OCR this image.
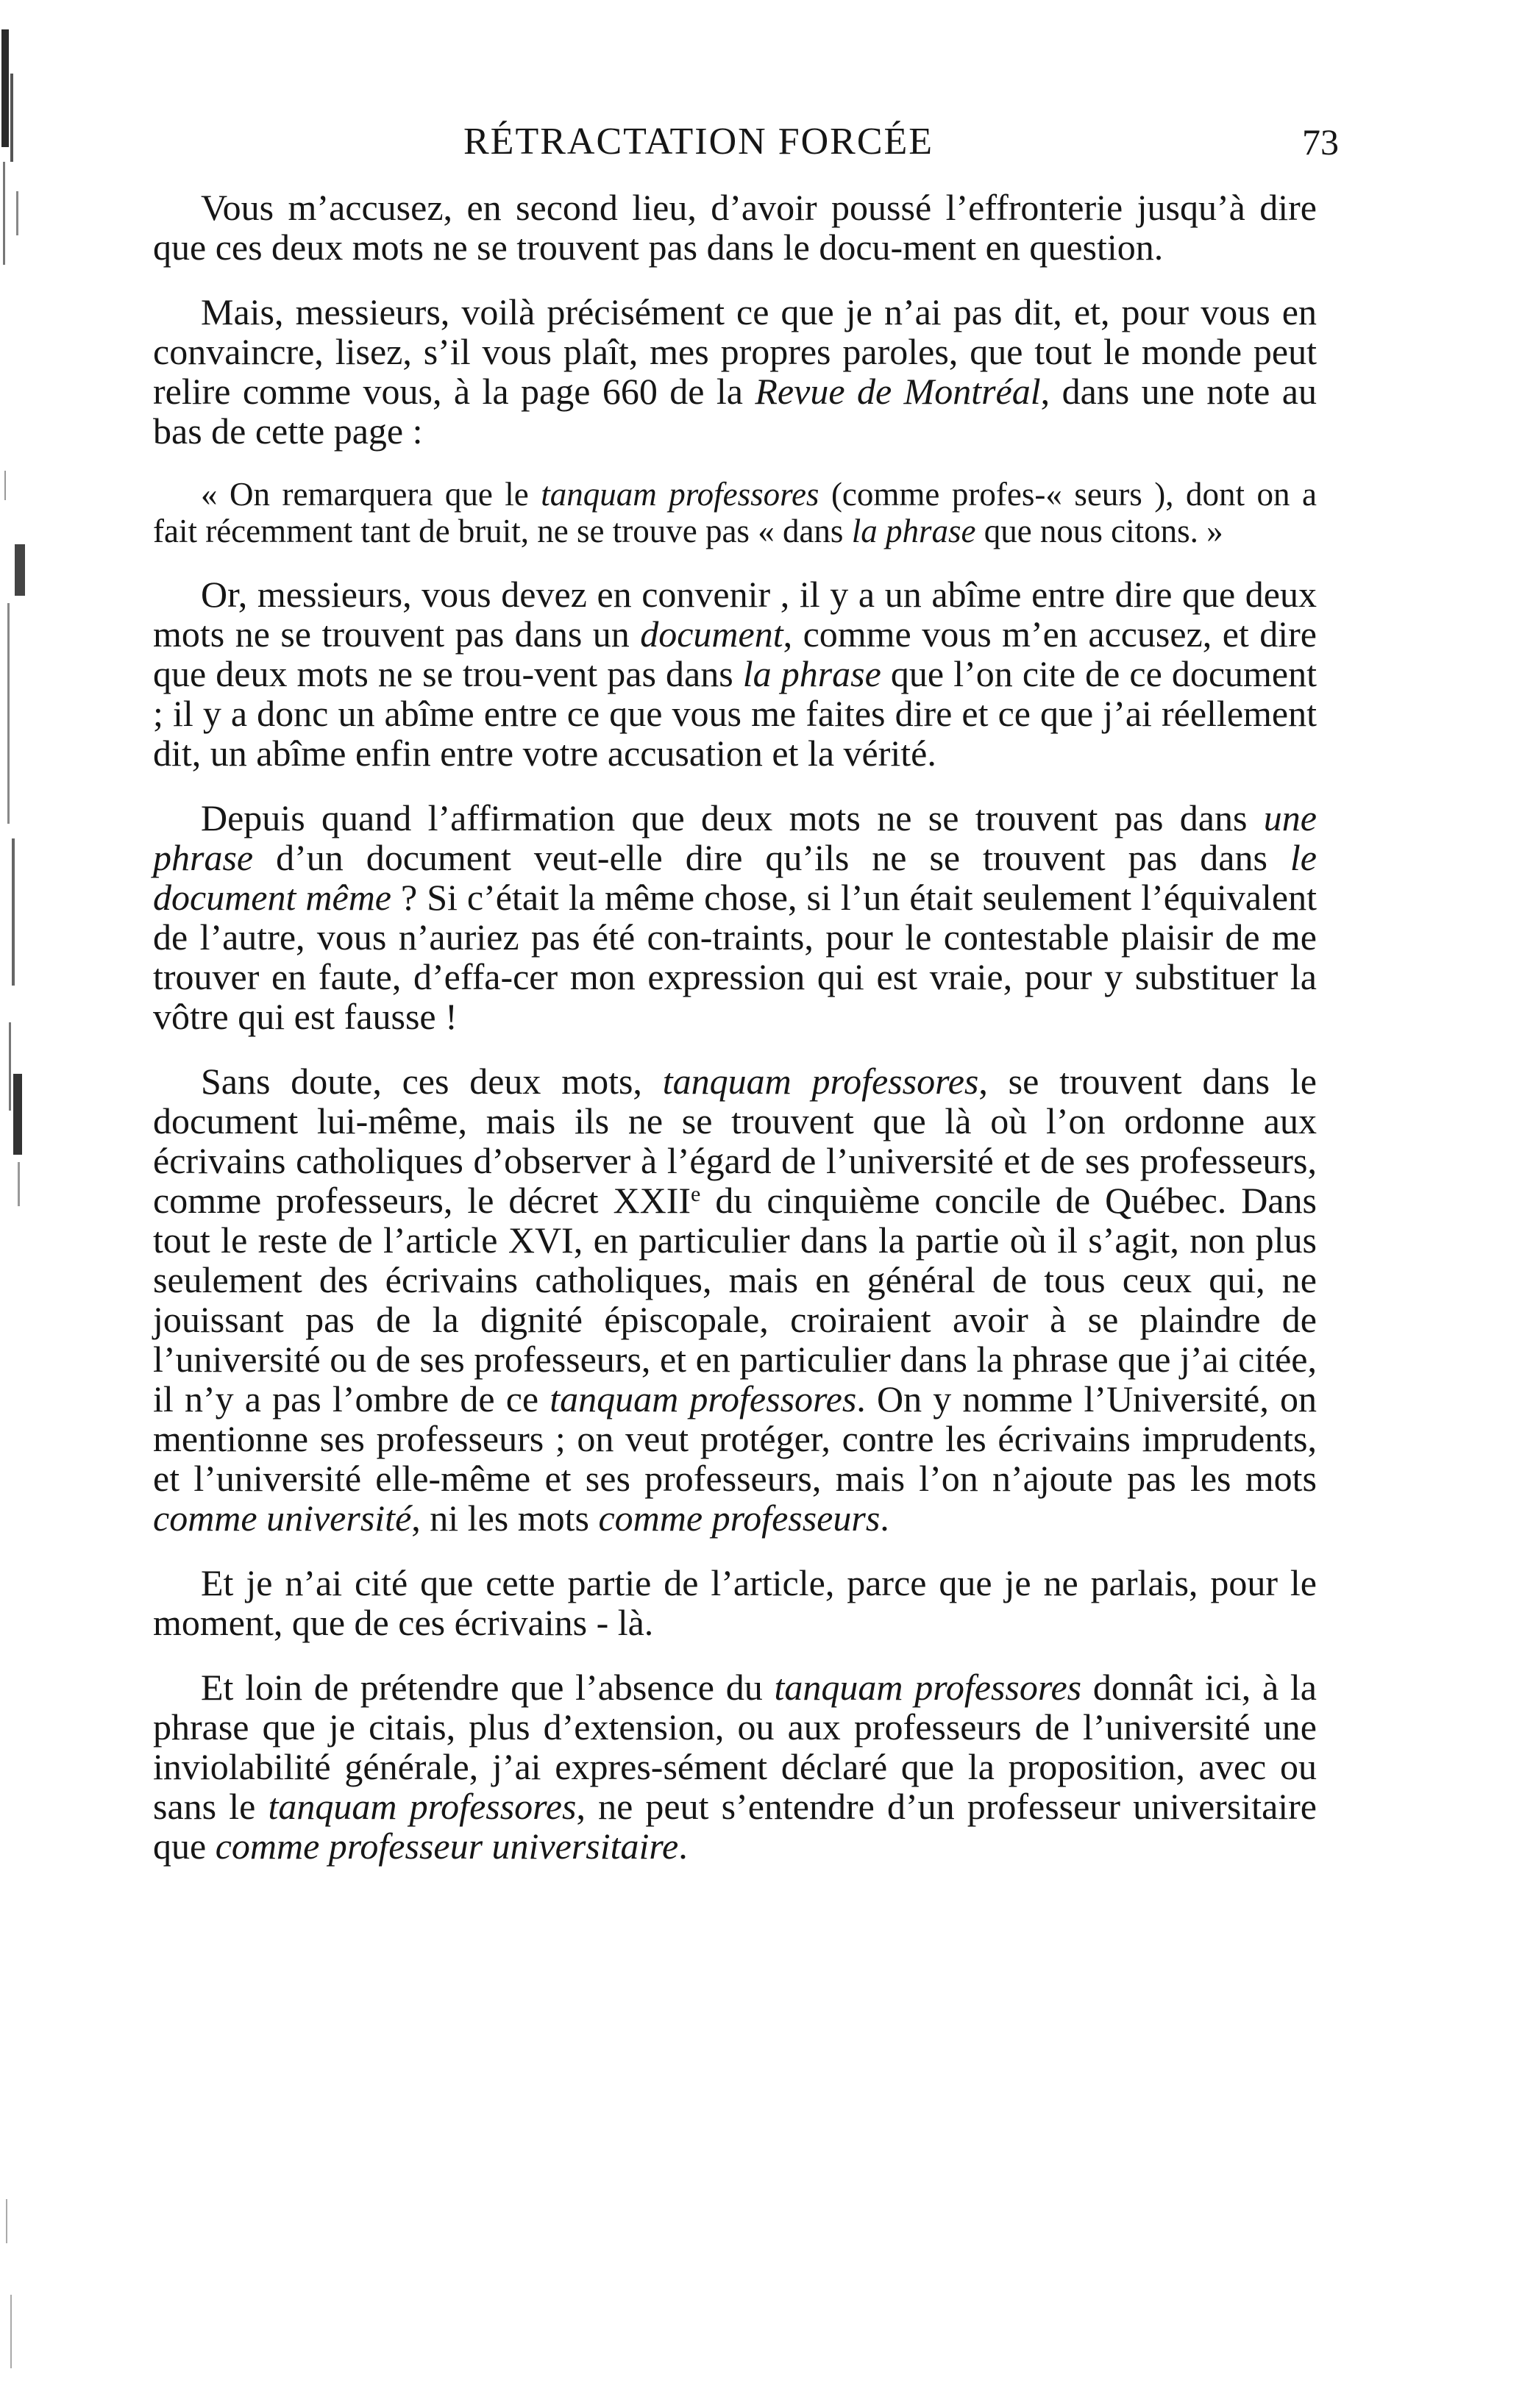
RÉTRACTATION FORCÉE	73

Vous m’accusez, en second lieu, d’avoir poussé l’effronterie jusqu’à dire que ces deux mots ne se trouvent pas dans le docu-ment en question.

Mais, messieurs, voilà précisément ce que je n’ai pas dit, et, pour vous en convaincre, lisez, s’il vous plaît, mes propres paroles, que tout le monde peut relire comme vous, à la page 660 de la Revue de Montréal, dans une note au bas de cette page :

« On remarquera que le tanquam professores (comme profes-« seurs ), dont on a fait récemment tant de bruit, ne se trouve pas « dans la phrase que nous citons. »

Or, messieurs, vous devez en convenir , il y a un abîme entre dire que deux mots ne se trouvent pas dans un document, comme vous m’en accusez, et dire que deux mots ne se trou-vent pas dans la phrase que l’on cite de ce document ; il y a donc un abîme entre ce que vous me faites dire et ce que j’ai réellement dit, un abîme enfin entre votre accusation et la vérité.

Depuis quand l’affirmation que deux mots ne se trouvent pas dans une phrase d’un document veut-elle dire qu’ils ne se trouvent pas dans le document même ? Si c’était la même chose, si l’un était seulement l’équivalent de l’autre, vous n’auriez pas été con-traints, pour le contestable plaisir de me trouver en faute, d’effa-cer mon expression qui est vraie, pour y substituer la vôtre qui est fausse !

Sans doute, ces deux mots, tanquam professores, se trouvent dans le document lui-même, mais ils ne se trouvent que là où l’on ordonne aux écrivains catholiques d’observer à l’égard de l’université et de ses professeurs, comme professeurs, le décret XXIIe du cinquième concile de Québec. Dans tout le reste de l’article XVI, en particulier dans la partie où il s’agit, non plus seulement des écrivains catholiques, mais en général de tous ceux qui, ne jouissant pas de la dignité épiscopale, croiraient avoir à se plaindre de l’université ou de ses professeurs, et en particulier dans la phrase que j’ai citée, il n’y a pas l’ombre de ce tanquam professores. On y nomme l’Université, on mentionne ses professeurs ; on veut protéger, contre les écrivains imprudents, et l’université elle-même et ses professeurs, mais l’on n’ajoute pas les mots comme université, ni les mots comme professeurs.

Et je n’ai cité que cette partie de l’article, parce que je ne parlais, pour le moment, que de ces écrivains - là.

Et loin de prétendre que l’absence du tanquam professores donnât ici, à la phrase que je citais, plus d’extension, ou aux professeurs de l’université une inviolabilité générale, j’ai expres-sément déclaré que la proposition, avec ou sans le tanquam professores, ne peut s’entendre d’un professeur universitaire que comme professeur universitaire.
